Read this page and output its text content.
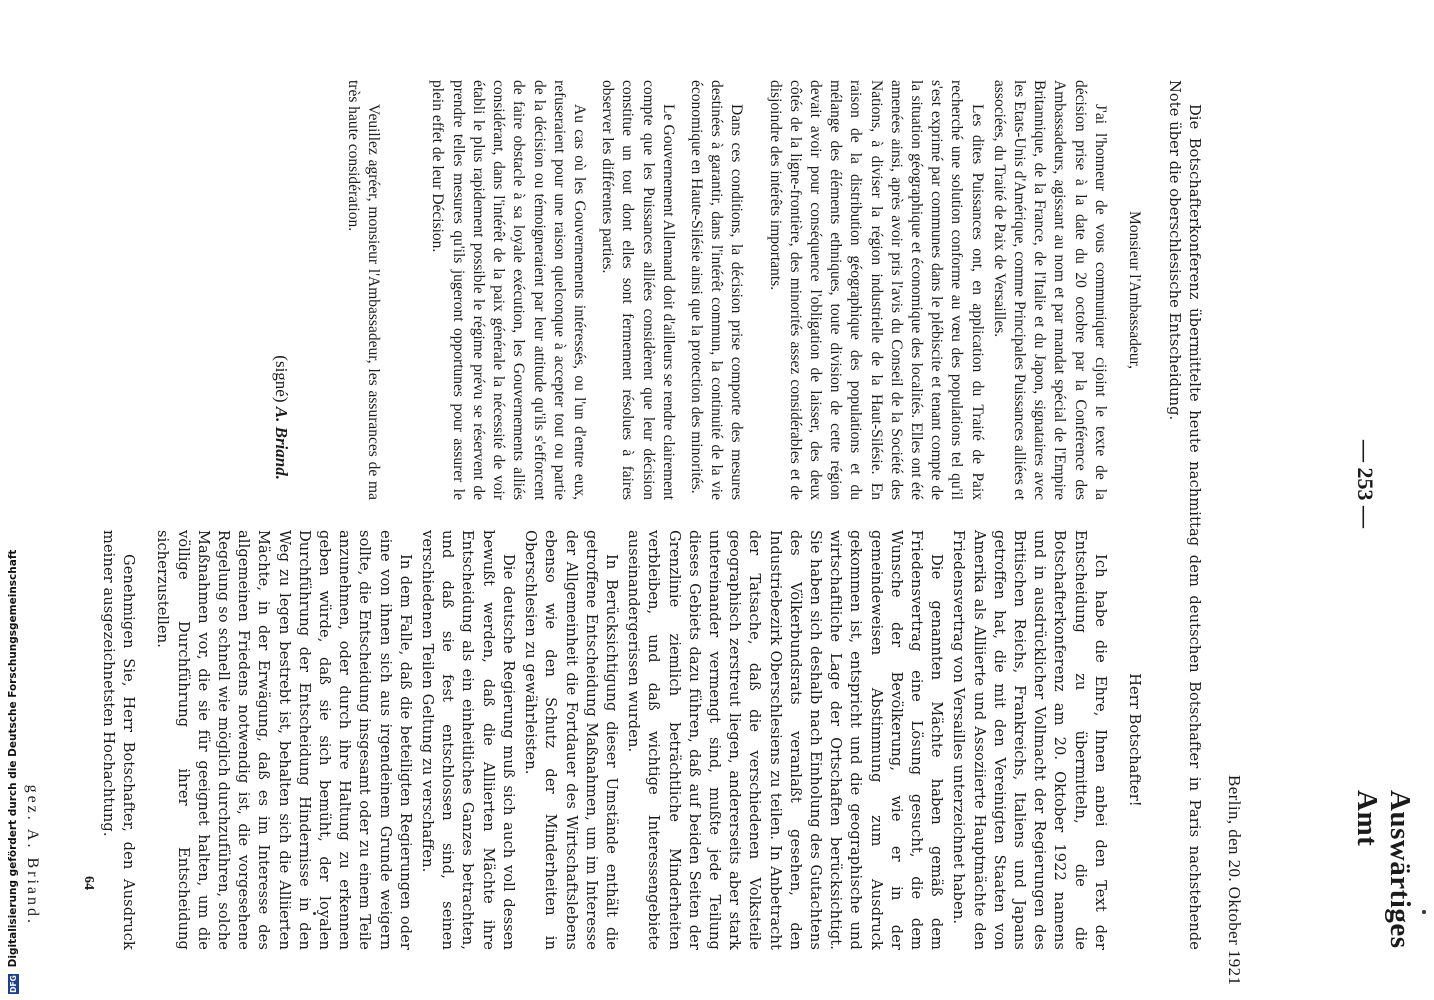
Auswärtiges Amt
— 253 —
Berlin, den 20. Oktober 1921

Die Botschafterkonferenz übermittelte heute nachmittag dem deutschen Botschafter in Paris nachstehende Note über die oberschlesische Entscheidung.

Monsieur l'Ambassadeur,

J'ai l'honneur de vous communiquer cijoint le texte de la décision prise à la date du 20 octobre par la Conférence des Ambassadeurs, agissant au nom et par mandat spécial de l'Empire Britannique, de la France, de l'Italie et du Japon, signataires avec les Etats-Unis d'Amérique, comme Principales Puissances alliées et associées, du Traité de Paix de Versailles.

Les dites Puissances ont, en application du Traité de Paix recherché une solution conforme au vœu des populations tel qu'il s'est exprimé par communes dans le plébiscite et tenant compte de la situation géographique et économique des localités. Elles ont été amenées ainsi, après avoir pris l'avis du Conseil de la Société des Nations, à diviser la région industrielle de la Haut-Silésie. En raison de la distribution géographique des populations et du mélange des éléments ethniques, toute division de cette région devait avoir pour conséquence l'obligation de laisser, des deux côtés de la ligne-frontière, des minorités assez considérables et de disjoindre des intérêts importants.

Dans ces conditions, la décision prise comporte des mesures destinées à garantir, dans l'intérêt commun, la continuité de la vie économique en Haute-Silésie ainsi que la protection des minorités.

Le Gouvernement Allemand doit d'ailleurs se rendre clairement compte que les Puissances alliées considèrent que leur décision constitue un tout dont elles sont fermement résolues à faires observer les différentes parties.

Au cas où les Gouvernements intéressés, ou l'un d'entre eux, refuseraient pour une raison quelconque à accepter tout ou partie de la décision ou témoigneraient par leur attitude qu'ils s'efforcent de faire obstacle à sa loyale exécution, les Gouvernements alliés considérant, dans l'intérêt de la paix générale la nécessité de voir établi le plus rapidement possible le régime prévu se réservent de prendre telles mesures qu'ils jugeront opportunes pour assurer le plein effet de leur Décision.

Veuillez agréer, monsieur l'Ambassadeur, les assurances de ma très haute considération.

(signé) A. Briand.

Herr Botschafter!

Ich habe die Ehre, Ihnen anbei den Text der Entscheidung zu übermitteln, die die Botschafterkonferenz am 20. Oktober 1922 namens und in ausdrücklicher Vollmacht der Regierungen des Britischen Reichs, Frankreichs, Italiens und Japans getroffen hat, die mit den Vereinigten Staaten von Amerika als Alliierte und Assoziierte Hauptmächte den Friedensvertrag von Versailles unterzeichnet haben.

Die genannten Mächte haben gemäß dem Friedensvertrag eine Lösung gesucht, die dem Wunsche der Bevölkerung, wie er in der gemeindeweisen Abstimmung zum Ausdruck gekommen ist, entspricht und die geographische und wirtschaftliche Lage der Ortschaften berücksichtigt. Sie haben sich deshalb nach Einholung des Gutachtens des Völkerbundsrats veranlaßt gesehen, den Industriebezirk Oberschlesiens zu teilen. In Anbetracht der Tatsache, daß die verschiedenen Volksteile geographisch zerstreut liegen, andererseits aber stark untereinander vermengt sind, mußte jede Teilung dieses Gebiets dazu führen, daß auf beiden Seiten der Grenzlinie ziemlich beträchtliche Minderheiten verbleiben, und daß wichtige Interessengebiete auseinandergerissen wurden.

In Berücksichtigung dieser Umstände enthält die getroffene Entscheidung Maßnahmen, um im Interesse der Allgemeinheit die Fortdauer des Wirtschaftslebens ebenso wie den Schutz der Minderheiten in Oberschlesien zu gewährleisten.

Die deutsche Regierung muß sich auch voll dessen bewußt werden, daß die Alliierten Mächte ihre Entscheidung als ein einheitliches Ganzes betrachten, und daß sie fest entschlossen sind, seinen verschiedenen Teilen Geltung zu verschaffen.

In dem Falle, daß die beteiligten Regierungen oder eine von ihnen sich aus irgendeinem Grunde weigern sollte, die Entscheidung insgesamt oder zu einem Teile anzunehmen, oder durch ihre Haltung zu erkennen geben würde, daß sie sich bemüht, der loyalen Durchführung der Entscheidung Hindernisse in den Weg zu legen bestrebt ist, behalten sich die Alliierten Mächte, in der Erwägung, daß es im Interesse des allgemeinen Friedens notwendig ist, die vorgesehene Regelung so schnell wie möglich durchzuführen, solche Maßnahmen vor, die sie für geeignet halten, um die völlige Durchführung ihrer Entscheidung sicherzustellen.

Genehmigen Sie, Herr Botschafter, den Ausdruck meiner ausgezeichnetsten Hochachtung.

gez. A. Briand.	64
DFG Digitalisierung gefördert durch die Deutsche Forschungsgemeinschaft
